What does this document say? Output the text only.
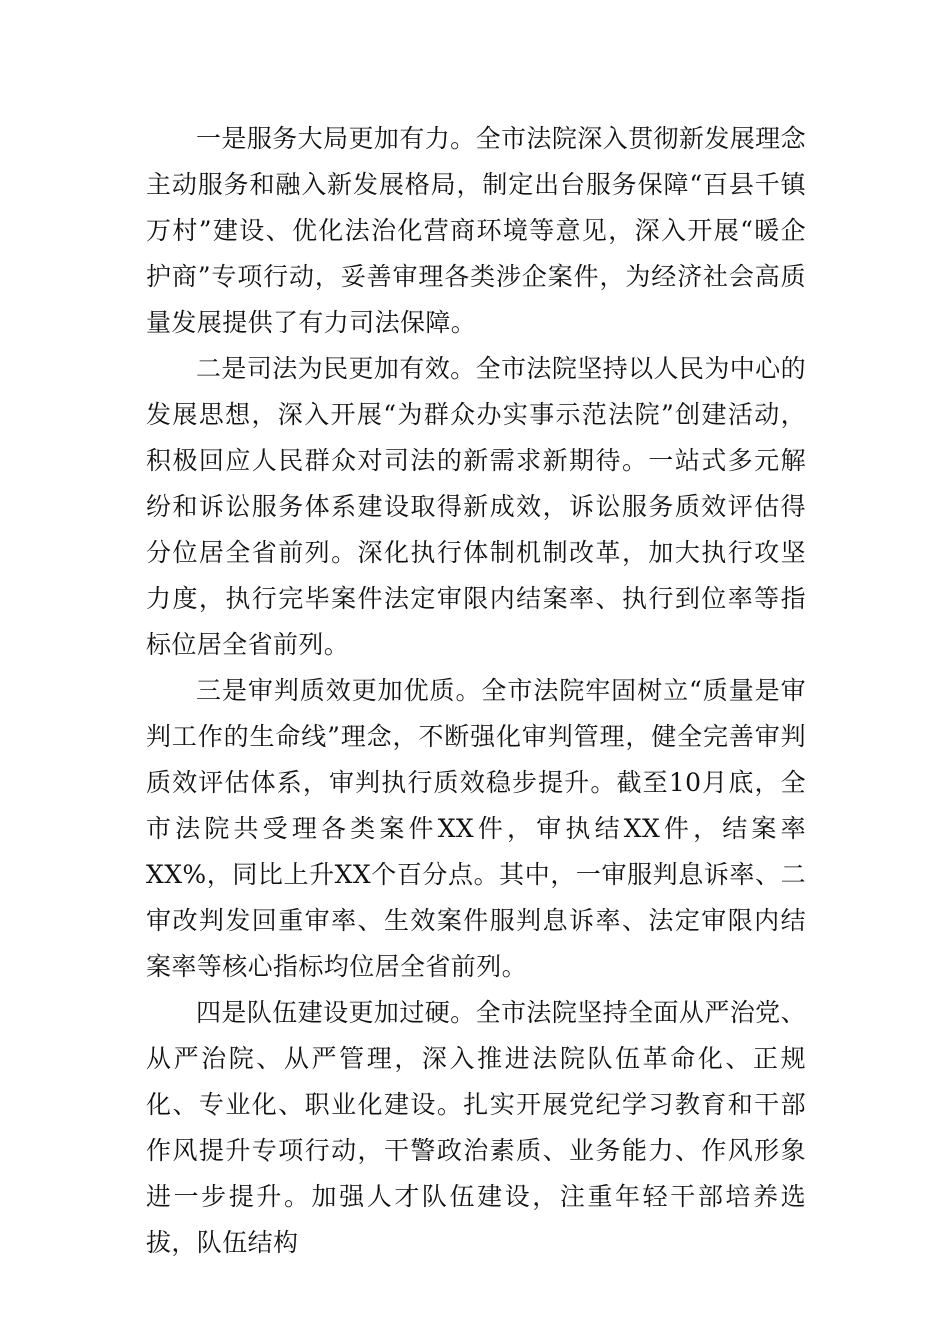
一是服务大局更加有力。全市法院深入贯彻新发展理念主动服务和融入新发展格局，制定出台服务保障“百县千镇万村”建设、优化法治化营商环境等意见，深入开展“暖企护商”专项行动，妥善审理各类涉企案件，为经济社会高质量发展提供了有力司法保障。

二是司法为民更加有效。全市法院坚持以人民为中心的发展思想，深入开展“为群众办实事示范法院”创建活动，积极回应人民群众对司法的新需求新期待。一站式多元解纷和诉讼服务体系建设取得新成效，诉讼服务质效评估得分位居全省前列。深化执行体制机制改革，加大执行攻坚力度，执行完毕案件法定审限内结案率、执行到位率等指标位居全省前列。

三是审判质效更加优质。全市法院牢固树立“质量是审判工作的生命线”理念，不断强化审判管理，健全完善审判质效评估体系，审判执行质效稳步提升。截至10月底，全市法院共受理各类案件XX件，审执结XX件，结案率XX%，同比上升XX个百分点。其中，一审服判息诉率、二审改判发回重审率、生效案件服判息诉率、法定审限内结案率等核心指标均位居全省前列。

四是队伍建设更加过硬。全市法院坚持全面从严治党、从严治院、从严管理，深入推进法院队伍革命化、正规化、专业化、职业化建设。扎实开展党纪学习教育和干部作风提升专项行动，干警政治素质、业务能力、作风形象进一步提升。加强人才队伍建设，注重年轻干部培养选拔，队伍结构
